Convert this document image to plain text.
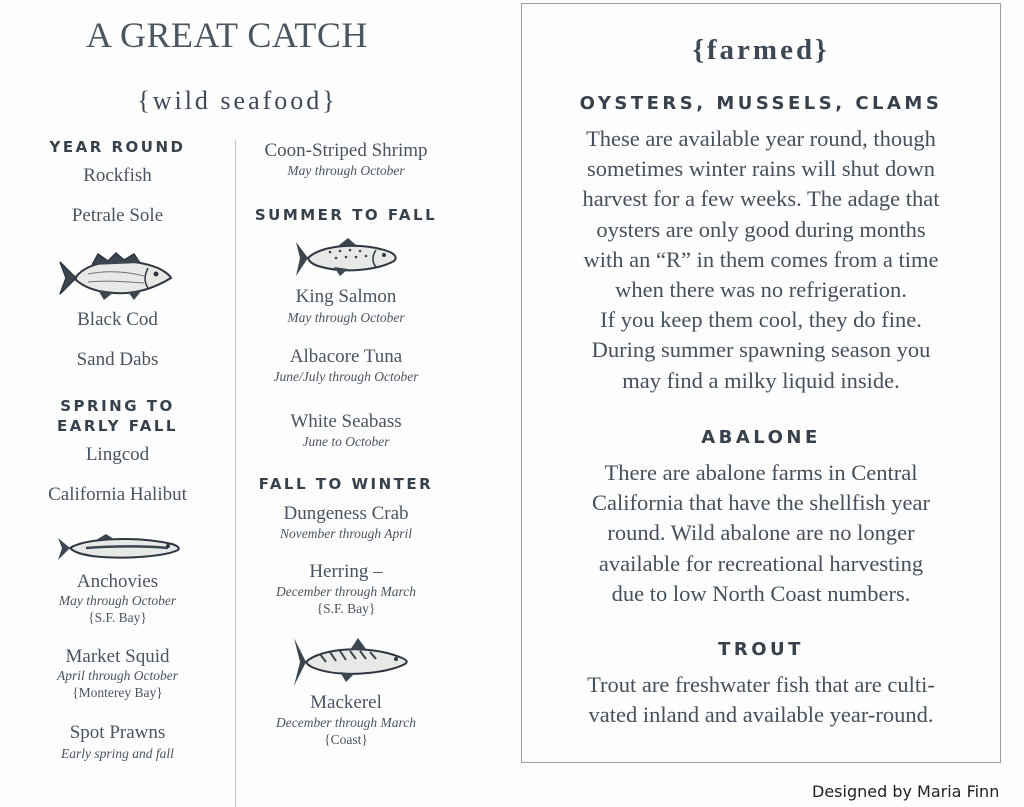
A GREAT CATCH
{wild seafood}
YEAR ROUND
Rockfish
Petrale Sole
Black Cod
Sand Dabs
SPRING TO
EARLY FALL
Lingcod
California Halibut
Anchovies
May through October
{S.F. Bay}
Market Squid
April through October
{Monterey Bay}
Spot Prawns
Early spring and fall
Coon-Striped Shrimp
May through October
SUMMER TO FALL
King Salmon
May through October
Albacore Tuna
June/July through October
White Seabass
June to October
FALL TO WINTER
Dungeness Crab
November through April
Herring –
December through March
{S.F. Bay}
Mackerel
December through March
{Coast}
{farmed}
OYSTERS, MUSSELS, CLAMS
These are available year round, though
sometimes winter rains will shut down
harvest for a few weeks. The adage that
oysters are only good during months
with an “R” in them comes from a time
when there was no refrigeration.
If you keep them cool, they do fine.
During summer spawning season you
may find a milky liquid inside.
ABALONE
There are abalone farms in Central
California that have the shellfish year
round. Wild abalone are no longer
available for recreational harvesting
due to low North Coast numbers.
TROUT
Trout are freshwater fish that are culti-
vated inland and available year-round.
Designed by Maria Finn
